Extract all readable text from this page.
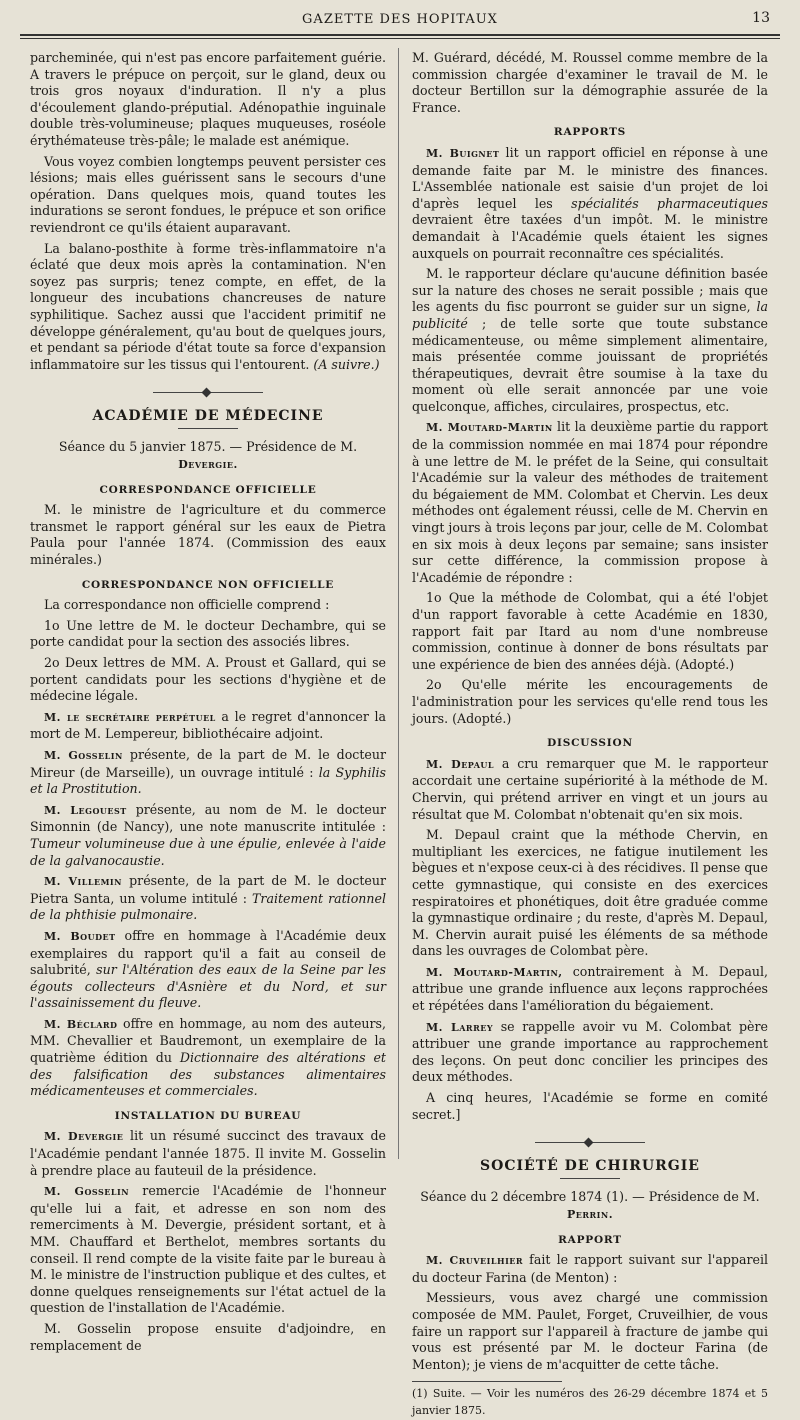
GAZETTE DES HOPITAUX	13

parcheminée, qui n'est pas encore parfaitement guérie. A travers le prépuce on perçoit, sur le gland, deux ou trois gros noyaux d'induration. Il n'y a plus d'écoulement glando-préputial. Adénopathie inguinale double très-volumineuse; plaques muqueuses, roséole érythémateuse très-pâle; le malade est anémique.

Vous voyez combien longtemps peuvent persister ces lésions; mais elles guérissent sans le secours d'une opération. Dans quelques mois, quand toutes les indurations se seront fondues, le prépuce et son orifice reviendront ce qu'ils étaient auparavant.

La balano-posthite à forme très-inflammatoire n'a éclaté que deux mois après la contamination. N'en soyez pas surpris; tenez compte, en effet, de la longueur des incubations chancreuses de nature syphilitique. Sachez aussi que l'accident primitif ne développe généralement, qu'au bout de quelques jours, et pendant sa période d'état toute sa force d'expansion inflammatoire sur les tissus qui l'entourent. (A suivre.)

ACADÉMIE DE MÉDECINE

Séance du 5 janvier 1875. — Présidence de M. Devergie.

CORRESPONDANCE OFFICIELLE

M. le ministre de l'agriculture et du commerce transmet le rapport général sur les eaux de Pietra Paula pour l'année 1874. (Commission des eaux minérales.)

CORRESPONDANCE NON OFFICIELLE

La correspondance non officielle comprend :

1o Une lettre de M. le docteur Dechambre, qui se porte candidat pour la section des associés libres.

2o Deux lettres de MM. A. Proust et Gallard, qui se portent candidats pour les sections d'hygiène et de médecine légale.

M. le secrétaire perpétuel a le regret d'annoncer la mort de M. Lempereur, bibliothécaire adjoint.

M. Gosselin présente, de la part de M. le docteur Mireur (de Marseille), un ouvrage intitulé : la Syphilis et la Prostitution.

M. Legouest présente, au nom de M. le docteur Simonnin (de Nancy), une note manuscrite intitulée : Tumeur volumineuse due à une épulie, enlevée à l'aide de la galvanocaustie.

M. Villemin présente, de la part de M. le docteur Pietra Santa, un volume intitulé : Traitement rationnel de la phthisie pulmonaire.

M. Boudet offre en hommage à l'Académie deux exemplaires du rapport qu'il a fait au conseil de salubrité, sur l'Altération des eaux de la Seine par les égouts collecteurs d'Asnière et du Nord, et sur l'assainissement du fleuve.

M. Béclard offre en hommage, au nom des auteurs, MM. Chevallier et Baudremont, un exemplaire de la quatrième édition du Dictionnaire des altérations et des falsification des substances alimentaires médicamenteuses et commerciales.

INSTALLATION DU BUREAU

M. Devergie lit un résumé succinct des travaux de l'Académie pendant l'année 1875. Il invite M. Gosselin à prendre place au fauteuil de la présidence.

M. Gosselin remercie l'Académie de l'honneur qu'elle lui a fait, et adresse en son nom des remerciments à M. Devergie, président sortant, et à MM. Chauffard et Berthelot, membres sortants du conseil. Il rend compte de la visite faite par le bureau à M. le ministre de l'instruction publique et des cultes, et donne quelques renseignements sur l'état actuel de la question de l'installation de l'Académie.

M. Gosselin propose ensuite d'adjoindre, en remplacement de

M. Guérard, décédé, M. Roussel comme membre de la commission chargée d'examiner le travail de M. le docteur Bertillon sur la démographie assurée de la France.

RAPPORTS

M. Buignet lit un rapport officiel en réponse à une demande faite par M. le ministre des finances. L'Assemblée nationale est saisie d'un projet de loi d'après lequel les spécialités pharmaceutiques devraient être taxées d'un impôt. M. le ministre demandait à l'Académie quels étaient les signes auxquels on pourrait reconnaître ces spécialités.

M. le rapporteur déclare qu'aucune définition basée sur la nature des choses ne serait possible ; mais que les agents du fisc pourront se guider sur un signe, la publicité ; de telle sorte que toute substance médicamenteuse, ou même simplement alimentaire, mais présentée comme jouissant de propriétés thérapeutiques, devrait être soumise à la taxe du moment où elle serait annoncée par une voie quelconque, affiches, circulaires, prospectus, etc.

M. Moutard-Martin lit la deuxième partie du rapport de la commission nommée en mai 1874 pour répondre à une lettre de M. le préfet de la Seine, qui consultait l'Académie sur la valeur des méthodes de traitement du bégaiement de MM. Colombat et Chervin. Les deux méthodes ont également réussi, celle de M. Chervin en vingt jours à trois leçons par jour, celle de M. Colombat en six mois à deux leçons par semaine; sans insister sur cette différence, la commission propose à l'Académie de répondre :

1o Que la méthode de Colombat, qui a été l'objet d'un rapport favorable à cette Académie en 1830, rapport fait par Itard au nom d'une nombreuse commission, continue à donner de bons résultats par une expérience de bien des années déjà. (Adopté.)

2o Qu'elle mérite les encouragements de l'administration pour les services qu'elle rend tous les jours. (Adopté.)

DISCUSSION

M. Depaul a cru remarquer que M. le rapporteur accordait une certaine supériorité à la méthode de M. Chervin, qui prétend arriver en vingt et un jours au résultat que M. Colombat n'obtenait qu'en six mois.

M. Depaul craint que la méthode Chervin, en multipliant les exercices, ne fatigue inutilement les bègues et n'expose ceux-ci à des récidives. Il pense que cette gymnastique, qui consiste en des exercices respiratoires et phonétiques, doit être graduée comme la gymnastique ordinaire ; du reste, d'après M. Depaul, M. Chervin aurait puisé les éléments de sa méthode dans les ouvrages de Colombat père.

M. Moutard-Martin, contrairement à M. Depaul, attribue une grande influence aux leçons rapprochées et répétées dans l'amélioration du bégaiement.

M. Larrey se rappelle avoir vu M. Colombat père attribuer une grande importance au rapprochement des leçons. On peut donc concilier les principes des deux méthodes.

A cinq heures, l'Académie se forme en comité secret.]

SOCIÉTÉ DE CHIRURGIE

Séance du 2 décembre 1874 (1). — Présidence de M. Perrin.

RAPPORT

M. Cruveilhier fait le rapport suivant sur l'appareil du docteur Farina (de Menton) :

Messieurs, vous avez chargé une commission composée de MM. Paulet, Forget, Cruveilhier, de vous faire un rapport sur l'appareil à fracture de jambe qui vous est présenté par M. le docteur Farina (de Menton); je viens de m'acquitter de cette tâche.

(1) Suite. — Voir les numéros des 26-29 décembre 1874 et 5 janvier 1875.
